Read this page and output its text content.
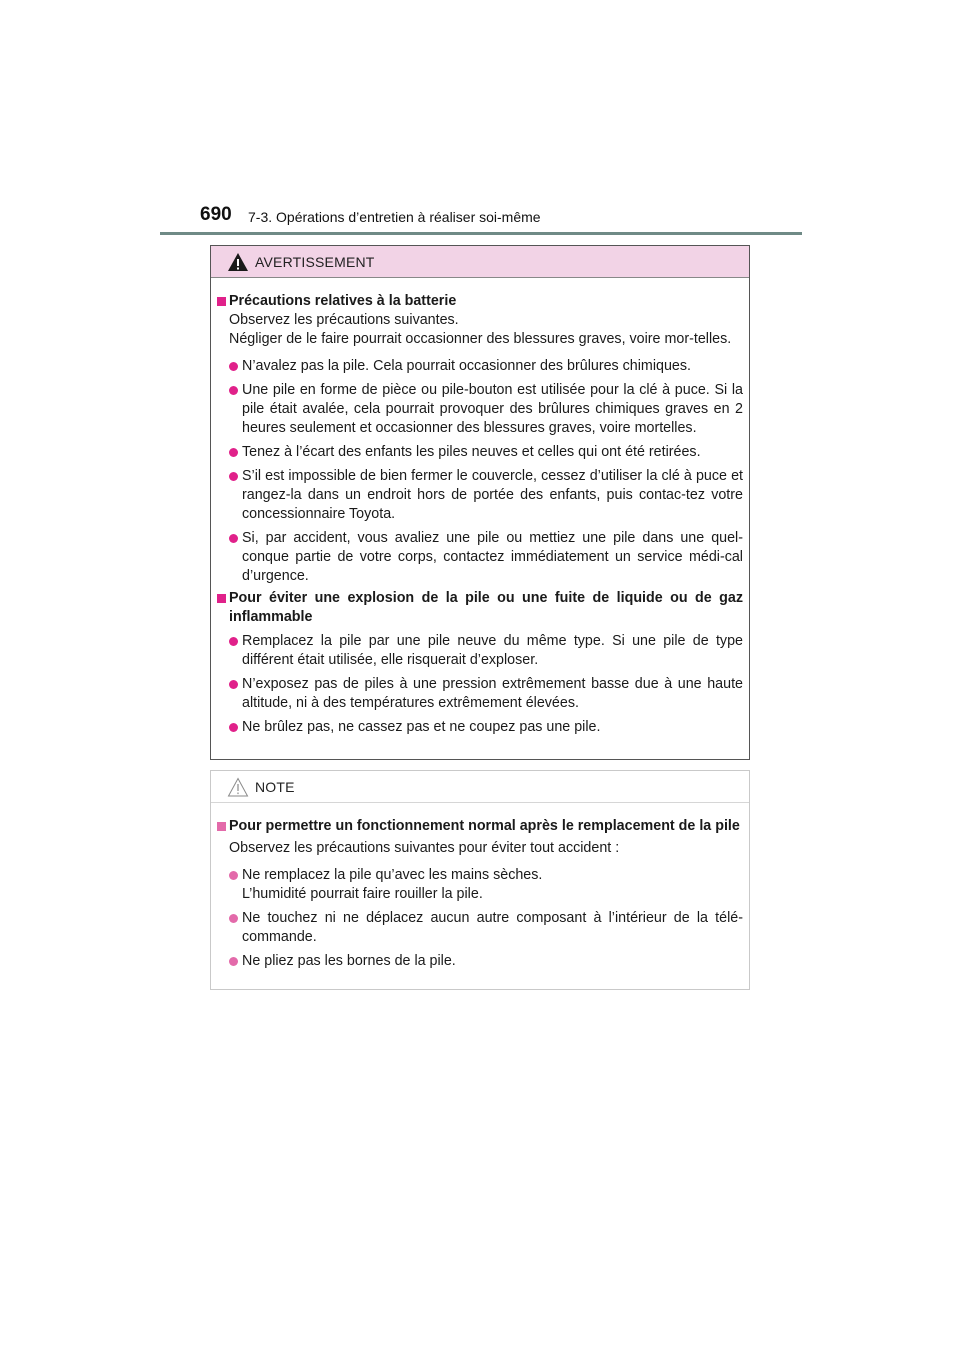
690 7-3. Opérations d’entretien à réaliser soi-même
AVERTISSEMENT
Précautions relatives à la batterie
Observez les précautions suivantes.
Négliger de le faire pourrait occasionner des blessures graves, voire mor-telles.
N’avalez pas la pile. Cela pourrait occasionner des brûlures chimiques.
Une pile en forme de pièce ou pile-bouton est utilisée pour la clé à puce. Si la pile était avalée, cela pourrait provoquer des brûlures chimiques graves en 2 heures seulement et occasionner des blessures graves, voire mortelles.
Tenez à l’écart des enfants les piles neuves et celles qui ont été retirées.
S’il est impossible de bien fermer le couvercle, cessez d’utiliser la clé à puce et rangez-la dans un endroit hors de portée des enfants, puis contac-tez votre concessionnaire Toyota.
Si, par accident, vous avaliez une pile ou mettiez une pile dans une quel-conque partie de votre corps, contactez immédiatement un service médi-cal d’urgence.
Pour éviter une explosion de la pile ou une fuite de liquide ou de gaz inflammable
Remplacez la pile par une pile neuve du même type. Si une pile de type différent était utilisée, elle risquerait d’exploser.
N’exposez pas de piles à une pression extrêmement basse due à une haute altitude, ni à des températures extrêmement élevées.
Ne brûlez pas, ne cassez pas et ne coupez pas une pile.
NOTE
Pour permettre un fonctionnement normal après le remplacement de la pile
Observez les précautions suivantes pour éviter tout accident :
Ne remplacez la pile qu’avec les mains sèches.
L’humidité pourrait faire rouiller la pile.
Ne touchez ni ne déplacez aucun autre composant à l’intérieur de la télé-commande.
Ne pliez pas les bornes de la pile.
